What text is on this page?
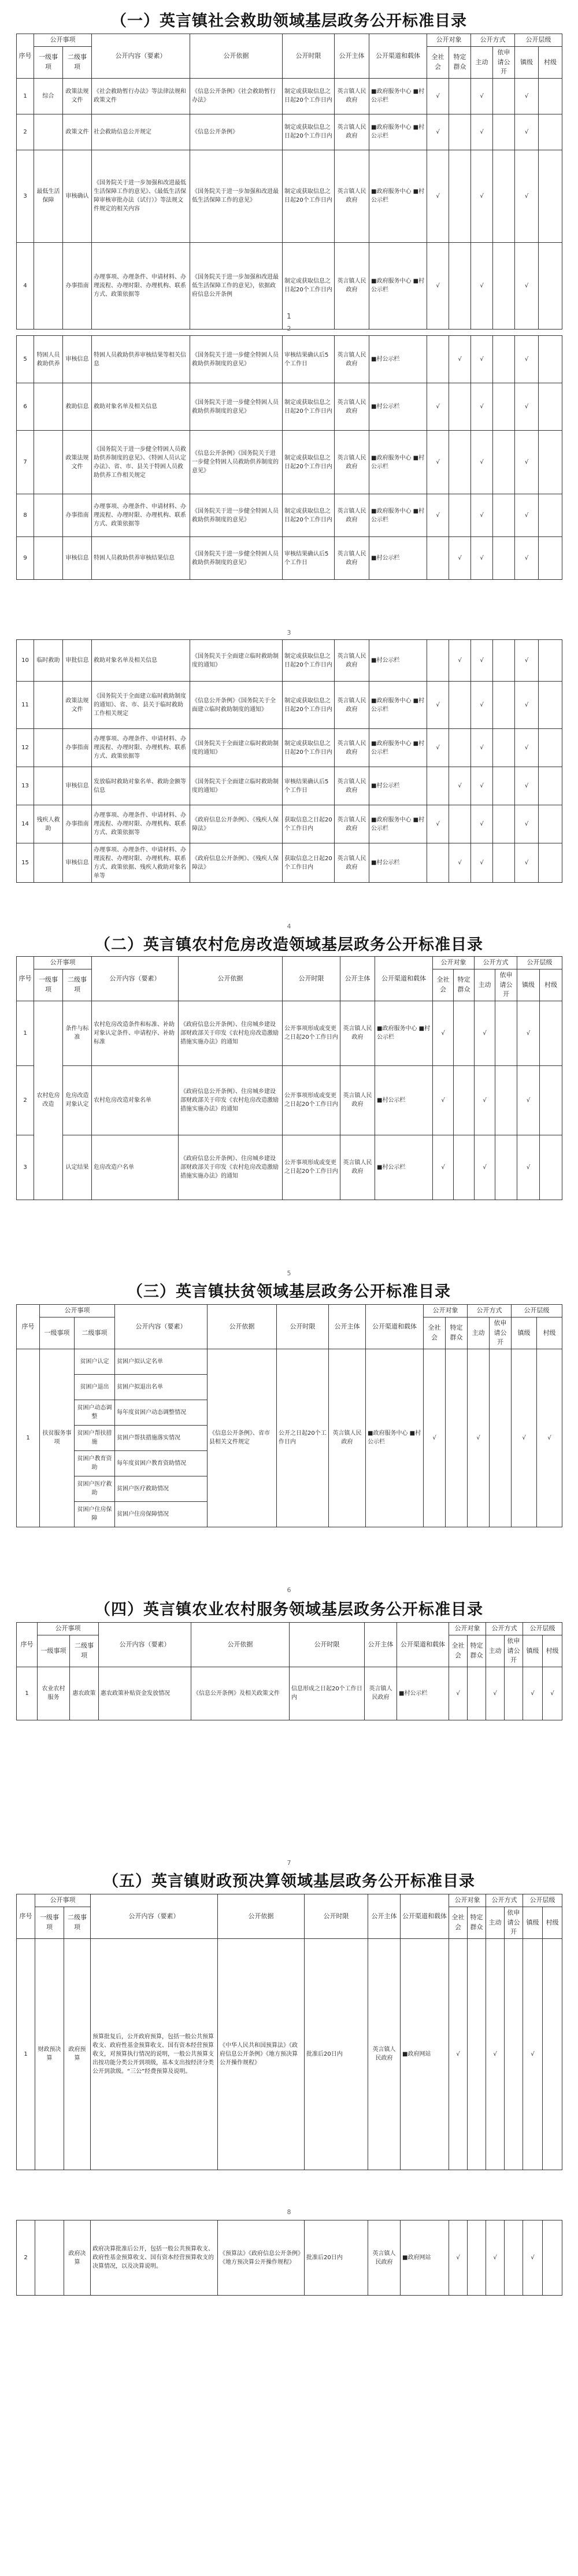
（一）英言镇社会救助领域基层政务公开标准目录
序号	公开事项		公开内容（要素）	公开依据	公开时限	公开主体	公开渠道和载体	公开对象		公开方式		公开层级	
	一级事项	二级事项						全社会	特定群众	主动	依申请公开	镇级	村级
1	综合	政策法规文件	《社会救助暂行办法》等法律法规和政策文件	《信息公开条例》《社会救助暂行办法》	制定或获取信息之日起20个工作日内	英言镇人民政府	■政府服务中心 ■村公示栏	√		√		√	
2		政策文件	社会救助信息公开规定	《信息公开条例》	制定或获取信息之日起20个工作日内	英言镇人民政府	■政府服务中心 ■村公示栏	√		√		√	
3	最低生活保障	审核确认	《国务院关于进一步加强和改进最低生活保障工作的意见》、《最低生活保障审核审批办法（试行）》等法规文件规定的相关内容	《国务院关于进一步加强和改进最低生活保障工作的意见》	制定或获取信息之日起20个工作日内	英言镇人民政府	■政府服务中心 ■村公示栏	√		√		√	
4		办事指南	办理事项、办理条件、申请材料、办理流程、办理时限、办理机构、联系方式、政策依据等	《国务院关于进一步加强和改进最低生活保障工作的意见》，依据政府信息公开条例	制定或获取信息之日起20个工作日内	英言镇人民政府	■政府服务中心 ■村公示栏	√		√		√	
1
2
5	特困人员救助供养	审核信息	特困人员救助供养审核结果等相关信息	《国务院关于进一步健全特困人员救助供养制度的意见》	审核结果确认后5个工作日	英言镇人民政府	■村公示栏		√	√		√	
6		救助信息	救助对象名单及相关信息	《国务院关于进一步健全特困人员救助供养制度的意见》	制定或获取信息之日起20个工作日内	英言镇人民政府	■村公示栏	√		√		√	
7		政策法规文件	《国务院关于进一步健全特困人员救助供养制度的意见》、《特困人员认定办法》、省、市、县关于特困人员救助供养工作相关规定	《信息公开条例》《国务院关于进一步健全特困人员救助供养制度的意见》	制定或获取信息之日起20个工作日内	英言镇人民政府	■政府服务中心 ■村公示栏	√		√		√	
8		办事指南	办理事项、办理条件、申请材料、办理流程、办理时限、办理机构、联系方式、政策依据等	《国务院关于进一步健全特困人员救助供养制度的意见》	制定或获取信息之日起20个工作日内	英言镇人民政府	■政府服务中心 ■村公示栏	√		√		√	
9		审核信息	特困人员救助供养审核结果信息	《国务院关于进一步健全特困人员救助供养制度的意见》	审核结果确认后5个工作日	英言镇人民政府	■村公示栏		√	√		√	
3
10	临时救助	审批信息	救助对象名单及相关信息	《国务院关于全面建立临时救助制度的通知》	制定或获取信息之日起20个工作日内	英言镇人民政府	■村公示栏		√	√		√	
11		政策法规文件	《国务院关于全面建立临时救助制度的通知》、省、市、县关于临时救助工作相关规定	《信息公开条例》《国务院关于全面建立临时救助制度的通知》	制定或获取信息之日起20个工作日内	英言镇人民政府	■政府服务中心 ■村公示栏	√		√		√	
12		办事指南	办理事项、办理条件、申请材料、办理流程、办理时限、办理机构、联系方式、政策依据等	《国务院关于全面建立临时救助制度的通知》	制定或获取信息之日起20个工作日内	英言镇人民政府	■政府服务中心 ■村公示栏	√		√		√	
13		审核信息	发放临时救助对象名单、救助金额等信息	《国务院关于全面建立临时救助制度的通知》	审核结果确认后5个工作日	英言镇人民政府	■村公示栏		√	√		√	
14	残疾人救助	办事指南	办理事项、办理条件、申请材料、办理流程、办理时限、办理机构、联系方式、政策依据等	《政府信息公开条例》、《残疾人保障法》	获取信息之日起20个工作日内	英言镇人民政府	■政府服务中心 ■村公示栏	√		√		√	
15		审核信息	办理事项、办理条件、申请材料、办理流程、办理时限、办理机构、联系方式、政策依据、残疾人救助对象名单等	《政府信息公开条例》、《残疾人保障法》	获取信息之日起20个工作日内	英言镇人民政府	■村公示栏		√	√		√	
4
（二）英言镇农村危房改造领域基层政务公开标准目录
序号	公开事项		公开内容（要素）	公开依据	公开时限	公开主体	公开渠道和载体	公开对象		公开方式		公开层级	
	一级事项	二级事项						全社会	特定群众	主动	依申请公开	镇级	村级
1	农村危房改造	条件与标准	农村危房改造条件和标准、补助对象认定条件、申请程序、补助标准	《政府信息公开条例》、住房城乡建设部财政部关于印发《农村危房改造激励措施实施办法》的通知	公开事项形成或变更之日起20个工作日内	英言镇人民政府	■政府服务中心 ■村公示栏	√		√		√	
2		危房改造对象认定	农村危房改造对象名单	《政府信息公开条例》、住房城乡建设部财政部关于印发《农村危房改造激励措施实施办法》的通知	公开事项形成或变更之日起20个工作日内	英言镇人民政府	■村公示栏	√		√		√	
3		认定结果	危房改造户名单	《政府信息公开条例》、住房城乡建设部财政部关于印发《农村危房改造激励措施实施办法》的通知	公开事项形成或变更之日起20个工作日内	英言镇人民政府	■村公示栏	√		√		√	
5
（三）英言镇扶贫领域基层政务公开标准目录
序号	公开事项		公开内容（要素）	公开依据	公开时限	公开主体	公开渠道和载体	公开对象		公开方式		公开层级	
	一级事项	二级事项						全社会	特定群众	主动	依申请公开	镇级	村级
1	扶贫服务事项	贫困户认定	贫困户拟认定名单	《信息公开条例》、省市县相关文件规定	公开之日起20个工作日内	英言镇人民政府	■政府服务中心 ■村公示栏	√		√		√	√
		贫困户退出	贫困户拟退出名单										
		贫困户动态调整	每年度贫困户动态调整情况										
		贫困户帮扶措施	贫困户帮扶措施落实情况										
		贫困户教育资助	每年度贫困户教育资助情况										
		贫困户医疗救助	贫困户医疗救助情况										
		贫困户住房保障	贫困户住房保障情况										
6
（四）英言镇农业农村服务领域基层政务公开标准目录
序号	公开事项		公开内容（要素）	公开依据	公开时限	公开主体	公开渠道和载体	公开对象		公开方式		公开层级	
	一级事项	二级事项						全社会	特定群众	主动	依申请公开	镇级	村级
1	农业农村服务	惠农政策	惠农政策补贴资金发放情况	《信息公开条例》及相关政策文件	信息形成之日起20个工作日内	英言镇人民政府	■村公示栏	√		√		√	√
7
（五）英言镇财政预决算领域基层政务公开标准目录
序号	公开事项		公开内容（要素）	公开依据	公开时限	公开主体	公开渠道和载体	公开对象		公开方式		公开层级	
	一级事项	二级事项						全社会	特定群众	主动	依申请公开	镇级	村级
1	财政预决算	政府预算	预算批复后，公开政府预算，包括一般公共预算收支、政府性基金预算收支、国有资本经营预算收支，对预算执行情况的说明，一般公共预算支出按功能分类公开到项级，基本支出按经济分类公开到款级。“三公”经费预算及说明。	《中华人民共和国预算法》《政府信息公开条例》《地方预决算公开操作规程》	批准后20日内	英言镇人民政府	■政府网站	√		√		√	
8
2		政府决算	政府决算批准后公开，包括一般公共预算收支、政府性基金预算收支、国有资本经营预算收支的决算情况，以及决算说明。	《预算法》《政府信息公开条例》《地方预决算公开操作规程》	批准后20日内	英言镇人民政府	■政府网站	√		√		√	
